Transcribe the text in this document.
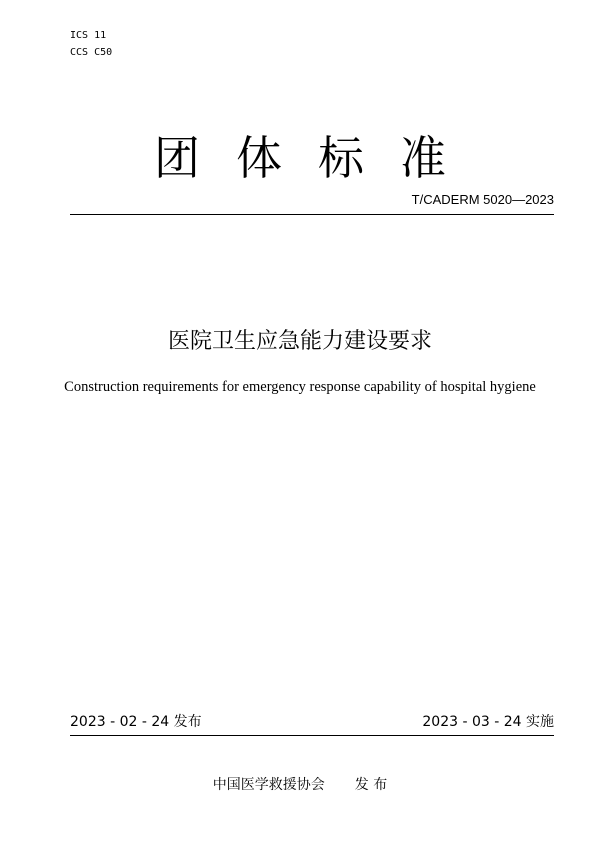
ICS 11
CCS C50
团体标准
T/CADERM 5020—2023
医院卫生应急能力建设要求
Construction requirements for emergency response capability of hospital hygiene
2023 - 02 - 24 发布	2023 - 03 - 24 实施
中国医学救援协会 发 布
